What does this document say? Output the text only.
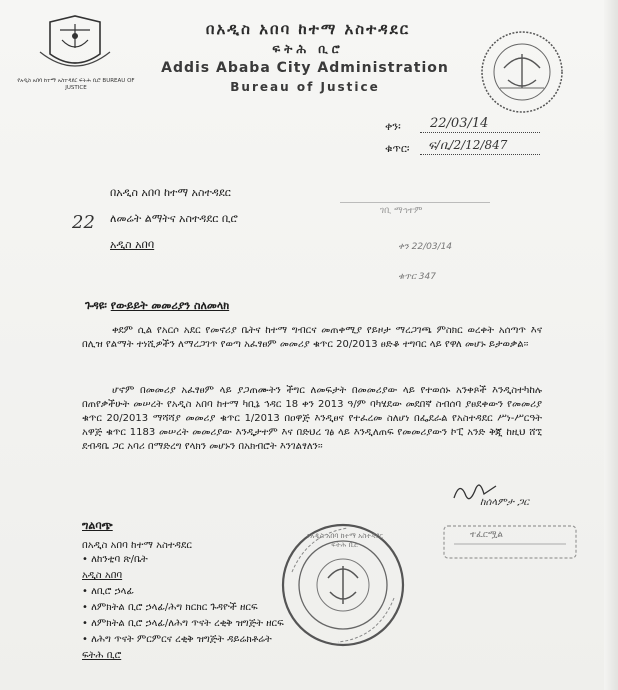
የአዲስ አበባ ከተማ አስተዳደር ፍትሕ ቢሮ BUREAU OF JUSTICE
በአዲስ አበባ ከተማ አስተዳደር
ፍትሕ ቢሮ
Addis Ababa City Administration
Bureau of Justice
ቀን፡ 22/03/14
ቁጥር፡ ፍ/ቢ/2/12/847
በአዲስ አበባ ከተማ አስተዳደር
ለመሬት ልማትና አስተዳደር ቢሮ
አዲስ አበባ
22
ገቢ ማኅተም
ቀን 22/03/14
ቁጥር 347
ጉዳዩ፡ የውይይት መመሪያን ስለመላክ
ቀደም ሲል የአርሶ አደር የመኖሪያ ቤትና ከተማ ግብርና መጠቀሚያ የይዞታ ማረጋገጫ ምስክር ወረቀት አሰጣጥ እና በሊዝ የልማት ተነሺዎችን ለማረጋገጥ የወጣ አፈፃፀም መመሪያ ቁጥር 20/2013 ፀድቆ ተግባር ላይ የዋለ መሆኑ ይታወቃል፡፡
ሆኖም በመመሪያ አፈፃፀም ላይ ያጋጠሙትን ችግር ለመፍታት በመመሪያው ላይ የተወሰኑ አንቀጾች እንዲስተካከሉ በጠየቃችሁት መሠረት የአዲስ አበባ ከተማ ካቢኔ ኅዳር 18 ቀን 2013 ዓ/ም ባካሄደው መደበኛ ስብሰባ ያፀደቀውን የመመሪያ ቁጥር 20/2013 ማሻሻያ መመሪያ ቁጥር 1/2013 በዐዋጅ እንዲፀና የተፈረመ ስለሆነ በፌደራል የአስተዳደር ሥነ-ሥርዓት አዋጅ ቁጥር 1183 መሠረት መመሪያው እንዲታተም እና በድህረ ገፅ ላይ እንዲለጠፍ የመመሪያውን ኮፒ አንድ ቅጂ ከዚህ ሸኚ ደብዳቤ ጋር አባሪ በማድረግ የላክን መሆኑን በአክብሮት እንገልፃለን፡፡
ከሰላምታ ጋር
ግልባጭ
በአዲስ አበባ ከተማ አስተዳደር
• ለከንቲባ ጽ/ቤት
አዲስ አበባ
• ለቢሮ ኃላፊ
• ለምክትል ቢሮ ኃላፊ/ሕግ ክርክር ጉዳዮች ዘርፍ
• ለምክትል ቢሮ ኃላፊ/ለሕግ ጥናት ረቂቅ ዝግጅት ዘርፍ
• ለሕግ ጥናት ምርምርና ረቂቅ ዝግጅት ዳይሬክቶሬት
ፍትሕ ቢሮ
የአዲስ አበባ ከተማ አስተዳደር ፍትሕ ቢሮ
ተፈርሟል
